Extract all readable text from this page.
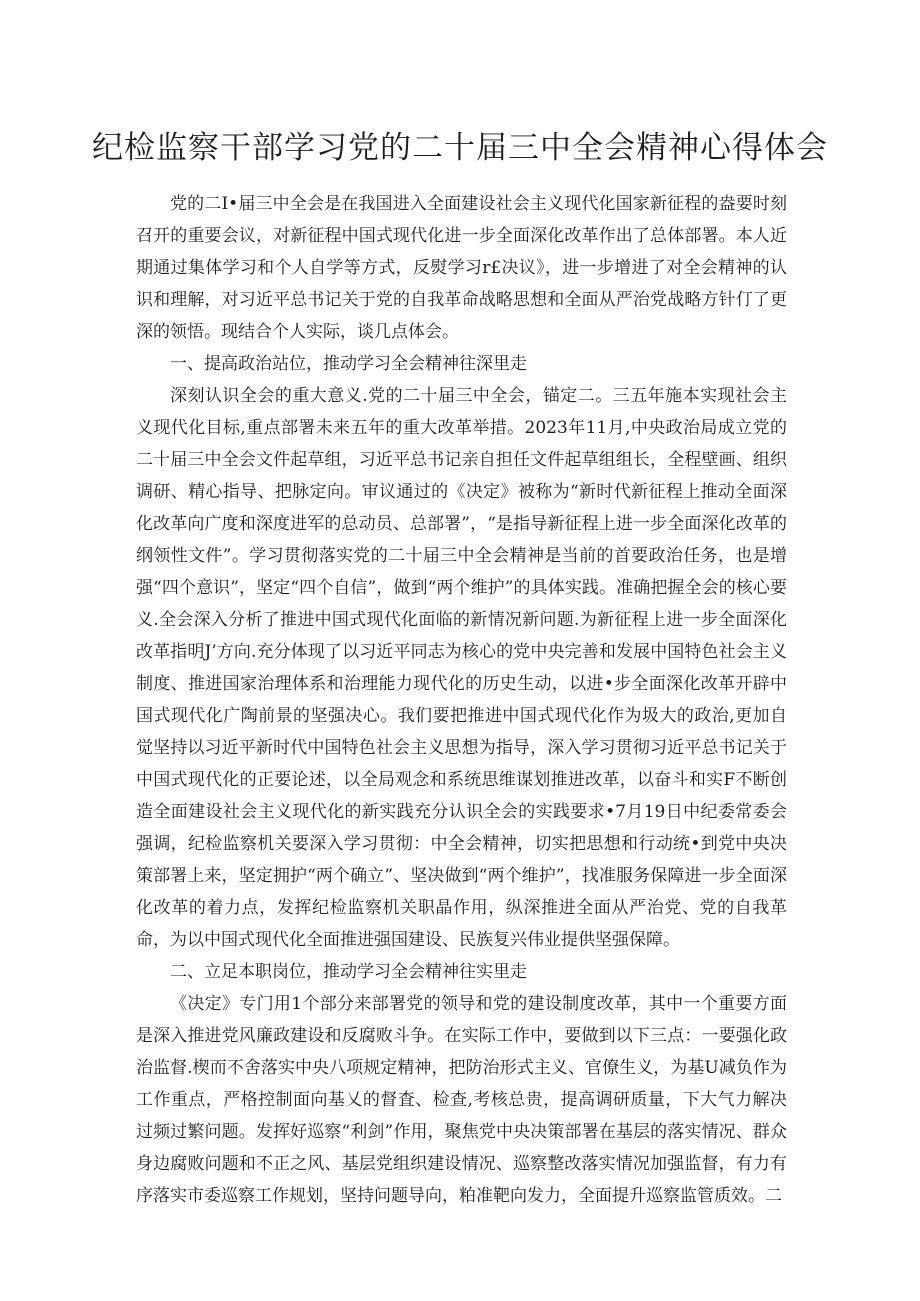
纪检监察干部学习党的二十届三中全会精神心得体会

党的二I•届三中全会是在我国进入全面建设社会主义现代化国家新征程的盎要时刻召开的重要会议，对新征程中国式现代化进一步全面深化改革作出了总体部署。本人近期通过集体学习和个人自学等方式，反熨学习r£决议》，进一步增进了对全会精神的认识和理解，对习近平总书记关于党的自我革命战略思想和全面从严治党战略方针仃了更深的领悟。现结合个人实际，谈几点体会。

一、提高政治站位，推动学习全会精神往深里走

深刻认识全会的重大意义.党的二十届三中全会，锚定二。三五年施本实现社会主义现代化目标,重点部署未来五年的重大改革举措。2023年11月,中央政治局成立党的二十届三中全会文件起草组，习近平总书记亲自担任文件起草组组长，全程壁画、组织调研、精心指导、把脉定向。审议通过的《决定》被称为“新时代新征程上推动全面深化改革向广度和深度进军的总动员、总部署”，“是指导新征程上进一步全面深化改革的纲领性文件”。学习贯彻落实党的二十届三中全会精神是当前的首要政治任务，也是增强“四个意识”，坚定“四个自信”，做到“两个维护”的具体实践。准确把握全会的核心要义.全会深入分析了推进中国式现代化面临的新情况新问题.为新征程上进一步全面深化改革指明J’方向.充分体现了以习近平同志为核心的党中央完善和发展中国特色社会主义制度、推进国家治理体系和治理能力现代化的历史生动，以进•步全面深化改革开辟中国式现代化广陶前景的坚强决心。我们要把推进中国式现代化作为圾大的政治,更加自觉坚持以习近平新时代中国特色社会主义思想为指导，深入学习贯彻习近平总书记关于中国式现代化的正要论述，以全局观念和系统思维谋划推进改革，以奋斗和实F不断创造全面建设社会主义现代化的新实践充分认识全会的实践要求•7月19日中纪委常委会强调，纪检监察机关要深入学习贯彻：中全会精神，切实把思想和行动统•到党中央决策部署上来，坚定拥护“两个确立”、坚决做到“两个维护”，找准服务保障进一步全面深化改革的着力点，发挥纪检监察机关职晶作用，纵深推进全面从严治党、党的自我革命，为以中国式现代化全面推进强国建设、民族复兴伟业提供坚强保障。

二、立足本职岗位，推动学习全会精神往实里走

《决定》专门用1个部分来部署党的领导和党的建设制度改革，其中一个重要方面是深入推进党风廉政建设和反腐败斗争。在实际工作中，要做到以下三点：一要强化政治监督.楔而不舍落实中央八项规定精神，把防治形式主义、官僚生义，为基U减负作为工作重点，严格控制面向基乂的督査、检查,考核总贵，提高调研质量，下大气力解决过频过繁问题。发挥好巡察“利剑”作用，聚焦党中央决策部署在基层的落实情况、群众身边腐败问题和不正之风、基层党组织建设情况、巡察整改落实情况加强监督，有力有序落实市委巡察工作规划，坚持问题导向，粕准靶向发力，全面提升巡察监管质效。二
